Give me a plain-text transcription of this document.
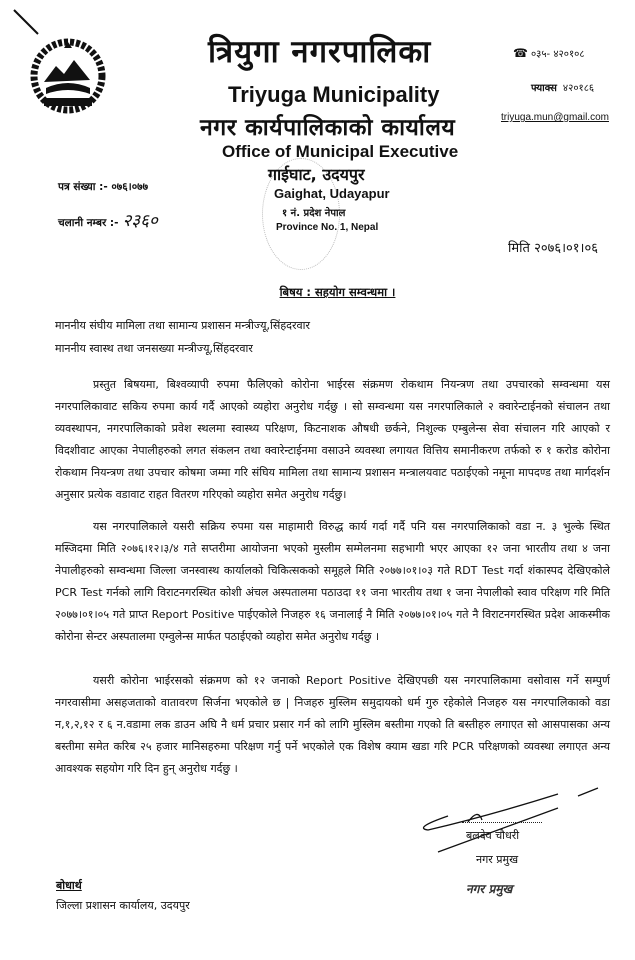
त्रियुगा नगरपालिका
Triyuga Municipality
नगर कार्यपालिकाको कार्यालय
Office of Municipal Executive
गाईघाट, उदयपुर
Gaighat, Udayapur
१ नं. प्रदेश नेपाल
Province No. 1, Nepal
☎ ०३५- ४२०१०८
फ्याक्स ४२०१८६
triyuga.mun@gmail.com
पत्र संख्या :- ०७६।०७७
चलानी नम्बर :- २३६०
मिति २०७६।०१।०६
बिषय : सहयोग सम्वन्धमा ।
माननीय संघीय मामिला तथा सामान्य प्रशासन मन्त्रीज्यू,सिंहदरवार
माननीय स्वास्थ तथा जनसख्या मन्त्रीज्यू,सिंहदरवार

प्रस्तुत बिषयमा, बिश्वव्यापी रुपमा फैलिएको कोरोना भाईरस संक्रमण रोकथाम नियन्त्रण तथा उपचारको सम्वन्धमा यस नगरपालिकावाट सकिय रुपमा कार्य गर्दै आएको व्यहोरा अनुरोध गर्दछु । सो सम्वन्धमा यस नगरपालिकाले २ क्वारेन्टाईनको संचालन तथा व्यवस्थापन, नगरपालिकाको प्रवेश स्थलमा स्वास्थ्य परिक्षण, किटनाशक औषधी छर्कने, निशुल्क एम्बुलेन्स सेवा संचालन गरि आएको र विदशीवाट आएका नेपालीहरुको लगत संकलन तथा क्वारेन्टाईनमा वसाउने व्यवस्था लगायत वित्तिय समानीकरण तर्फको रु १ करोड कोरोना रोकथाम नियन्त्रण तथा उपचार कोषमा जम्मा गरि संघिय मामिला तथा सामान्य प्रशासन मन्त्रालयवाट पठाईएको नमूना मापदण्ड तथा मार्गदर्शन अनुसार प्रत्येक वडावाट राहत वितरण गरिएको व्यहोरा समेत अनुरोध गर्दछु।

यस नगरपालिकाले यसरी सक्रिय रुपमा यस माहामारी विरुद्ध कार्य गर्दा गर्दै पनि यस नगरपालिकाको वडा न. ३ भुल्के स्थित मस्जिदमा मिति २०७६।१२।३/४ गते सप्तरीमा आयोजना भएको मुस्लीम सम्मेलनमा सहभागी भएर आएका १२ जना भारतीय तथा ४ जना नेपालीहरुको सम्वन्धमा जिल्ला जनस्वास्थ कार्यालको चिकित्सकको समूहले मिति २०७७।०१।०३ गते RDT Test गर्दा शंकास्पद देखिएकोले PCR Test गर्नको लागि विराटनगरस्थित कोशी अंचल अस्पतालमा पठाउदा ११ जना भारतीय तथा १ जना नेपालीको स्वाव परिक्षण गरि मिति २०७७।०१।०५ गते प्राप्त Report Positive पाईएकोले निजहरु १६ जनालाई नै मिति २०७७।०१।०५ गते नै विराटनगरस्थित प्रदेश आकस्मीक कोरोना सेन्टर अस्पतालमा एम्वुलेन्स मार्फत पठाईएको व्यहोरा समेत अनुरोध गर्दछु ।

यसरी कोरोना भाईरसको संक्रमण को १२ जनाको Report Positive देखिएपछी यस नगरपालिकामा वसोवास गर्ने सम्पुर्ण नगरवासीमा असहजताको वातावरण सिर्जना भएकोले छ | निजहरु मुस्लिम समुदायको धर्म गुरु रहेकोले निजहरु यस नगरपालिकाको वडा न,१,२,१२ र ६ न.वडामा लक डाउन अघि नै धर्म प्रचार प्रसार गर्न को लागि मुस्लिम बस्तीमा गएको ति बस्तीहरु लगाएत सो आसपासका अन्य बस्तीमा समेत करिब २५ हजार मानिसहरुमा परिक्षण गर्नु पर्ने भएकोले एक विशेष क्याम खडा गरि PCR परिक्षणको व्यवस्था लगाएत अन्य आवश्यक सहयोग गरि दिन हुन् अनुरोध गर्दछु ।

बलदेव चौधरी
नगर प्रमुख
नगर प्रमुख
बोधार्थ
जिल्ला प्रशासन कार्यालय, उदयपुर
